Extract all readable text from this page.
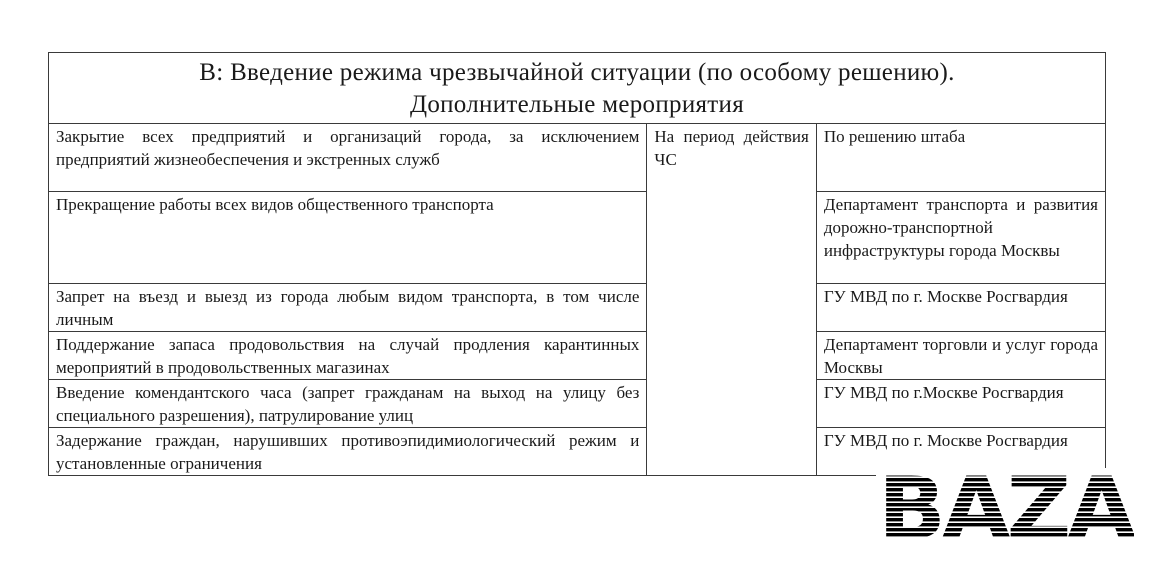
В: Введение режима чрезвычайной ситуации (по особому решению).
Дополнительные мероприятия		

Закрытие всех предприятий и организаций города, за исключением предприятий жизнеобеспечения и экстренных служб	На период действия ЧС	По решению штаба
Прекращение работы всех видов общественного транспорта		Департамент транспорта и развития дорожно-транспортной инфраструктуры города Москвы
Запрет на въезд и выезд из города любым видом транспорта, в том числе личным		ГУ МВД по г. Москве Росгвардия
Поддержание запаса продовольствия на случай продления карантинных мероприятий в продовольственных магазинах		Департамент торговли и услуг города Москвы
Введение комендантского часа (запрет гражданам на выход на улицу без специального разрешения), патрулирование улиц		ГУ МВД по г.Москве Росгвардия
Задержание граждан, нарушивших противоэпидимиологический режим и установленные ограничения		ГУ МВД по г. Москве Росгвардия
